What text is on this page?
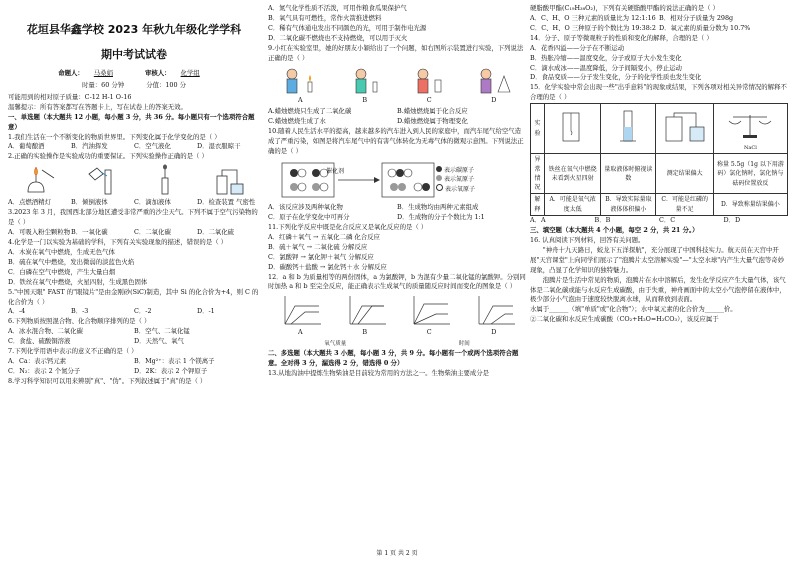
花垣县华鑫学校 2023 年秋九年级化学学科
期中考试试卷
命题人： 马桑娟	审核人： 化学组
时量：60 分钟	分值：100 分

可能用到的相对原子质量：C-12 H-1 O-16

温馨提示：所有答案都写在答题卡上，写在试卷上的答案无效。

一、单选题（本大题共 12 小题，每小题 3 分，共 36 分。每小题只有一个选项符合题意）

1.我们生活在一个不断变化的物质世界里。下列变化属于化学变化的是（ ）

A．葡萄酿酒	B．汽油挥发	C．空气液化	D．湿衣服晾干

2.正确的实验操作是实验成功的重要保证。下列实验操作正确的是（ ）

A．点燃酒精灯	B．倾倒液体	C．滴加液体	D．检查装置 气密性

3.2023 年 3 月，我国西北部分地区遭受非常严重的沙尘天气。下列不属于空气污染物的是（ ）

A．可吸入粉尘颗粒物 B．一氧化碳	C．二氧化碳	D．二氧化硫

4.化学是一门以实验为基础的学科，下列有关实验现象的描述，错误的是（ ）

A．木炭在氧气中燃烧，生成无色气体

B．硫在氧气中燃烧，发出微弱的淡蓝色火焰

C．白磷在空气中燃烧，产生大量白烟

D．铁丝在氧气中燃烧，火星四射，生成黑色固体

5."中国天眼" FAST 的"眼镜片"是由金刚砂(SiC)制造，其中 Si 的化合价为+4，则 C 的化合价为（ ）

A．-4	B．-3	C．-2	D．-1

6.下列物质按照混合物、化合物顺序排列的是（ ）

A．冰水混合物、二氧化碳	B．空气、二氧化锰
C．食盐、硫酸铜溶液	D．天然气、氧气

7.下列化学用语中表示的意义不正确的是（ ）

A．Ca：表示钙元素	B．Mg²⁺：表示 1 个镁离子
C．N₂：表示 2 个氮分子	D．2K：表示 2 个钾原子

8.学习科学知识可以用来辨别"真"、"伪"。下列叙述属于"真"的是（ ）

A．氮气化学性质不活泼，可用作粮食瓜果保护气

B．氧气具有可燃性，常作火箭推进燃料

C．稀有气体通电发出不同颜色的光，可用于制作电光源

D．二氧化碳不燃烧也不支持燃烧，可以用于灭火

9.小红在实验室里，她的好朋友小颖给出了一个问题，如右图所示装置进行实验，下列说法正确的是（ ）

A	B	C	D
A.蜡烛燃烧只生成了二氧化碳	B.蜡烛燃烧属于化合反应
C.蜡烛燃烧生成了水	D.蜡烛燃烧属于物理变化

10.随着人民生活水平的提高，越来越多的汽车进入到人民的家庭中，而汽车尾气给空气造成了严重污染，如图是将汽车尾气中的有害气体转化为无毒气体的微观示意图。下列说法正确的是（ ）

催化剂	表示碳原子
表示氮原子
表示氧原子
A．该反应涉及两种氧化物	B．生成物均由两种元素组成
C．原子在化学变化中可再分	D．生成物的分子个数比为 1:1

11.下列化学反应中既是化合反应又是氧化反应的是（ ）

A．红磷＋氧气 → 五氧化二磷 化合反应

B．硫＋氧气 → 二氧化硫 分解反应

C．氯酸钾 → 氯化钾＋氧气 分解反应

D．碳酸钙＋盐酸 → 氯化钙＋水 分解反应

12．a 和 b 为质量相等的两份固体，a 为氯酸钾，b 为混有少量二氧化锰的氯酸钾。分别同时加热 a 和 b 至完全反应，能正确表示生成氧气的质量随反应时间而变化的图象是（ ）

A	B	C	D
氧气质量	时间

二、多选题（本大题共 3 小题，每小题 3 分，共 9 分。每小题有一个或两个选项符合题意。全对得 3 分，漏选得 2 分，错选得 0 分）

13.从地沟油中提炼生物柴油是目前较为常用的方法之一。生物柴油主要成分是

硬脂酸甲酯(C₁₉H₃₈O₂)，下列有关硬脂酸甲酯的说法正确的是（ ）

A．C、H、O 三种元素的质量比为 12:1:16 B．相对分子质量为 298g
C．C、H、O 三种原子的个数比为 19:38:2 D．氧元素的质量分数为 10.7%

14．分子、原子等微观粒子的性质和变化的解释，合理的是（ ）

A．花香四溢——分子在不断运动

B．热胀冷缩——温度变化，分子或原子大小发生变化

C．滴水成冰——温度降低，分子间隔变小，停止运动

D．食品变质——分子发生变化，分子的化学性质也发生变化

15．化学实验中常会出现一些"出乎意料"的现象或结果，下列各项对相关异常情况的解释不合理的是（ ）

实验				NaCl

异常情况	铁丝在氧气中燃烧未看到火星四射	量取液体时俯视读数	测定结果偏大	称量 5.5g（1g 以下用游码）氯化钠时，氯化钠与砝码位置放反
解释	A．可能是氧气浓度太低	B．导致实际量取液体体积偏小	C．可能是红磷的量不足	D．导致称量结果偏小
A．A	B．B	C．C	D．D

三、填空题（本大题共 4 个小题，每空 2 分，共 21 分。）

16. 认真阅读下列材料，回答有关问题。

"神舟十九天路日，蛟龙下五洋探航"，充分展现了中国科技实力。航天员在天宫中开展"天宫课堂"上向同学们展示了"泡腾片太空溶解实验"—"太空水球"内产生大量气泡等奇妙现象，凸显了化学知识的独特魅力。

泡腾片是生活中常见的物质，泡腾片在水中溶解后，发生化学反应产生大量气体，该气体是二氧化碳或能与水反应生成碳酸，由于失重，神舟画面中的太空小气泡停留在液体中，极少部分小气泡由于速度较快脱离水球，从而释放到表面。

水属于______（填"单质"或"化合物"）；水中氧元素的化合价为______价。

②二氧化碳和水反应生成碳酸（CO₂+H₂O=H₂CO₃），该反应属于

第 1 页 共 2 页
